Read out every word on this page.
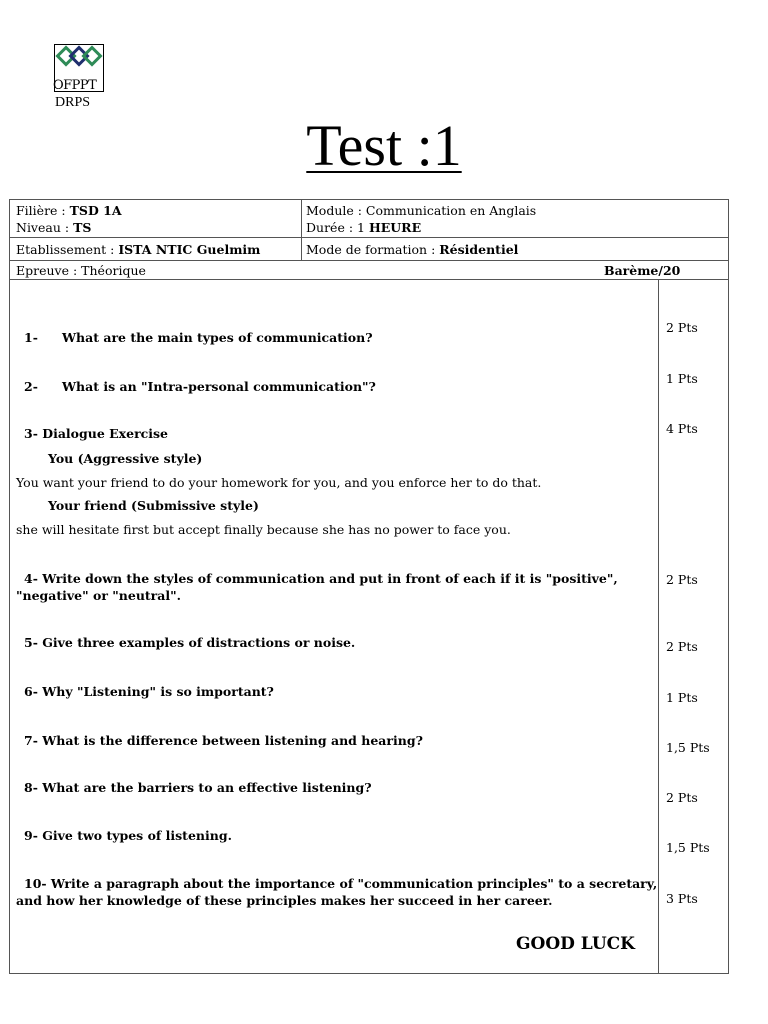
OFPPT
DRPS
Test :1
Filière : TSD 1A
Niveau : TS
Module : Communication en Anglais
Durée : 1 HEURE
Etablissement : ISTA NTIC Guelmim	Mode de formation : Résidentiel
Epreuve : Théorique	Barème/20
1- What are the main types of communication?
2- What is an "Intra-personal communication"?
3- Dialogue Exercise
You (Aggressive style)
You want your friend to do your homework for you, and you enforce her to do that.
Your friend (Submissive style)
she will hesitate first but accept finally because she has no power to face you.
4- Write down the styles of communication and put in front of each if it is "positive",
"negative" or "neutral".
5- Give three examples of distractions or noise.
6- Why "Listening" is so important?
7- What is the difference between listening and hearing?
8- What are the barriers to an effective listening?
9- Give two types of listening.
10- Write a paragraph about the importance of "communication principles" to a secretary,
and how her knowledge of these principles makes her succeed in her career.
GOOD LUCK
2 Pts
1 Pts
4 Pts
2 Pts
2 Pts
1 Pts
1,5 Pts
2 Pts
1,5 Pts
3 Pts
